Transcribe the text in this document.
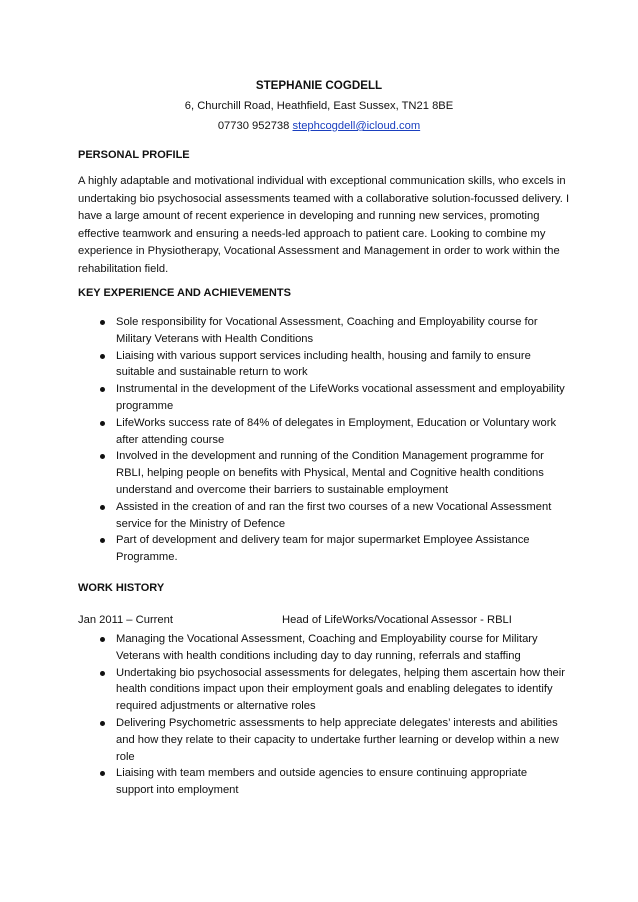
STEPHANIE COGDELL
6, Churchill Road, Heathfield, East Sussex, TN21 8BE
07730 952738 stephcogdell@icloud.com
PERSONAL PROFILE
A highly adaptable and motivational individual with exceptional communication skills, who excels in undertaking bio psychosocial assessments teamed with a collaborative solution-focussed delivery. I have a large amount of recent experience in developing and running new services, promoting effective teamwork and ensuring a needs-led approach to patient care. Looking to combine my experience in Physiotherapy, Vocational Assessment and Management in order to work within the rehabilitation field.
KEY EXPERIENCE AND ACHIEVEMENTS
Sole responsibility for Vocational Assessment, Coaching and Employability course for Military Veterans with Health Conditions
Liaising with various support services including health, housing and family to ensure suitable and sustainable return to work
Instrumental in the development of the LifeWorks vocational assessment and employability programme
LifeWorks success rate of 84% of delegates in Employment, Education or Voluntary work after attending course
Involved in the development and running of the Condition Management programme for RBLI, helping people on benefits with Physical, Mental and Cognitive health conditions understand and overcome their barriers to sustainable employment
Assisted in the creation of and ran the first two courses of a new Vocational Assessment service for the Ministry of Defence
Part of development and delivery team for major supermarket Employee Assistance Programme.
WORK HISTORY
Jan 2011 – Current	Head of LifeWorks/Vocational Assessor - RBLI
Managing the Vocational Assessment, Coaching and Employability course for Military Veterans with health conditions including day to day running, referrals and staffing
Undertaking bio psychosocial assessments for delegates, helping them ascertain how their health conditions impact upon their employment goals and enabling delegates to identify required adjustments or alternative roles
Delivering Psychometric assessments to help appreciate delegates’ interests and abilities and how they relate to their capacity to undertake further learning or develop within a new role
Liaising with team members and outside agencies to ensure continuing appropriate support into employment
